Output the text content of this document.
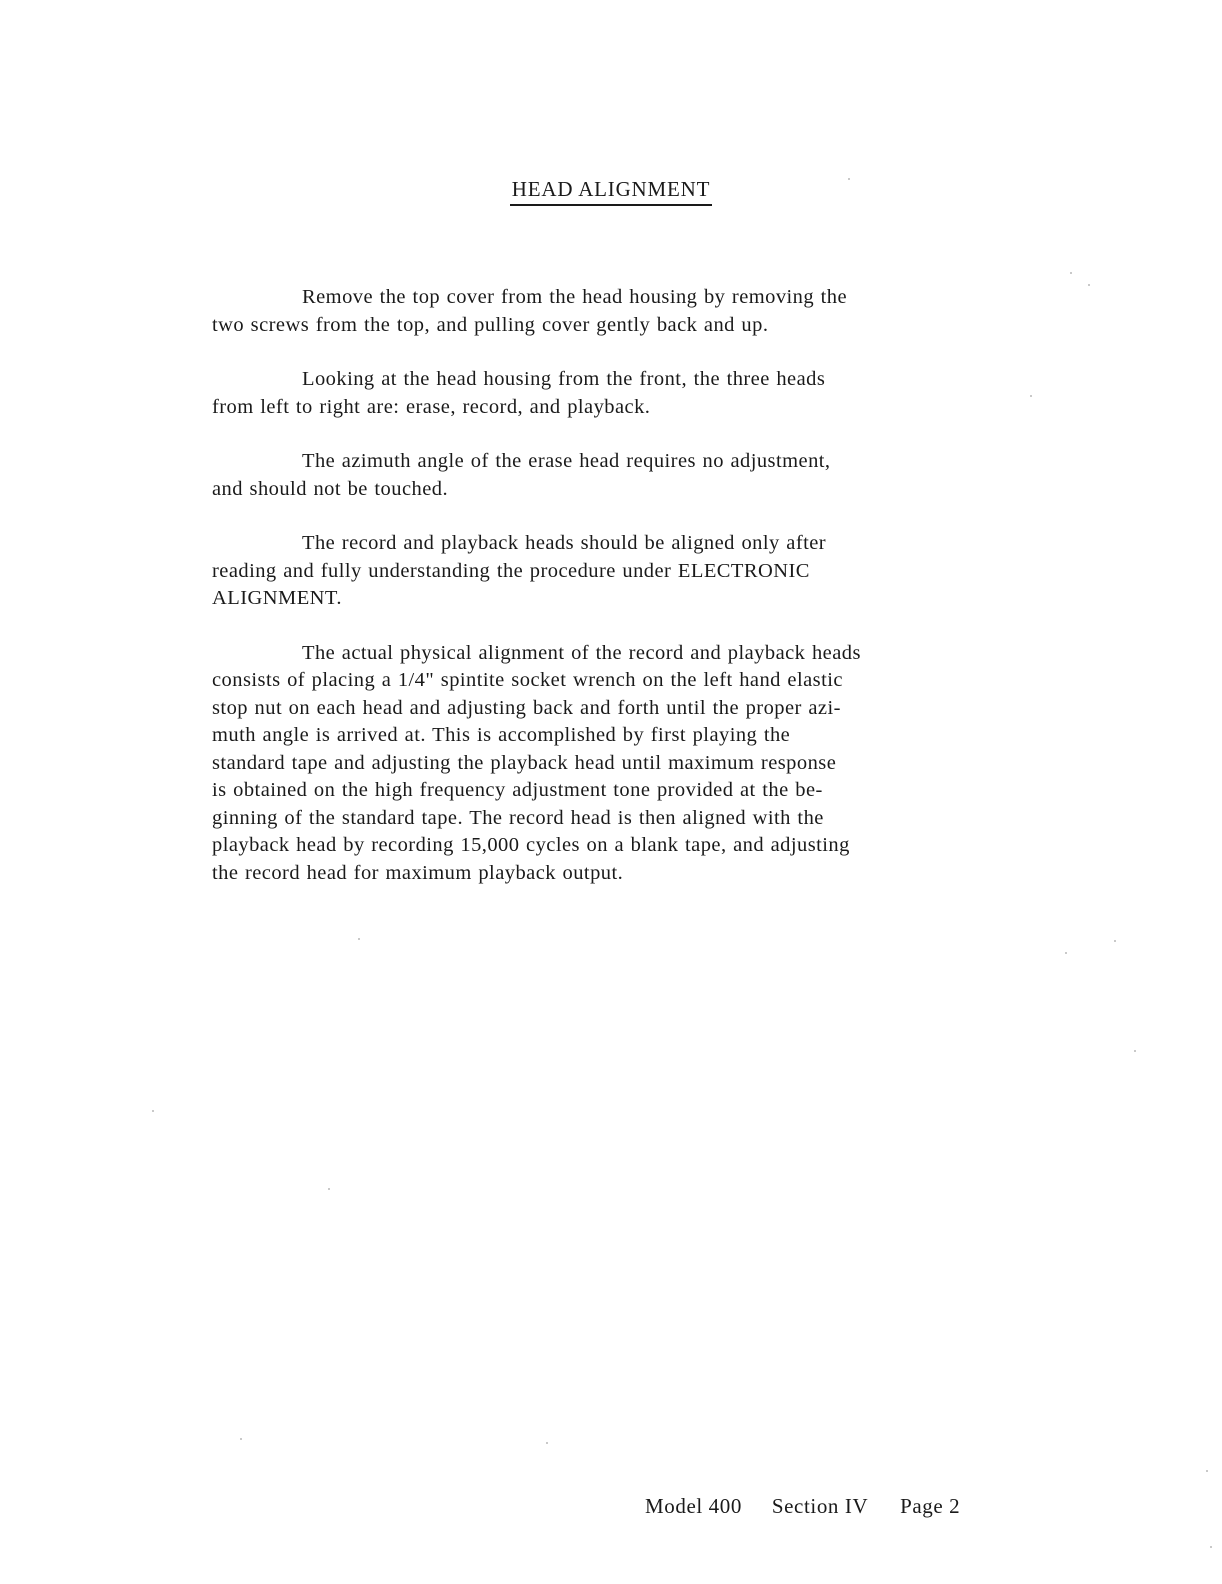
HEAD ALIGNMENT

Remove the top cover from the head housing by removing the
two screws from the top, and pulling cover gently back and up.

Looking at the head housing from the front, the three heads
from left to right are: erase, record, and playback.

The azimuth angle of the erase head requires no adjustment,
and should not be touched.

The record and playback heads should be aligned only after
reading and fully understanding the procedure under ELECTRONIC
ALIGNMENT.

The actual physical alignment of the record and playback heads
consists of placing a 1/4" spintite socket wrench on the left hand elastic
stop nut on each head and adjusting back and forth until the proper azi-
muth angle is arrived at. This is accomplished by first playing the
standard tape and adjusting the playback head until maximum response
is obtained on the high frequency adjustment tone provided at the be-
ginning of the standard tape. The record head is then aligned with the
playback head by recording 15,000 cycles on a blank tape, and adjusting
the record head for maximum playback output.

Model 400 Section IV Page 2
